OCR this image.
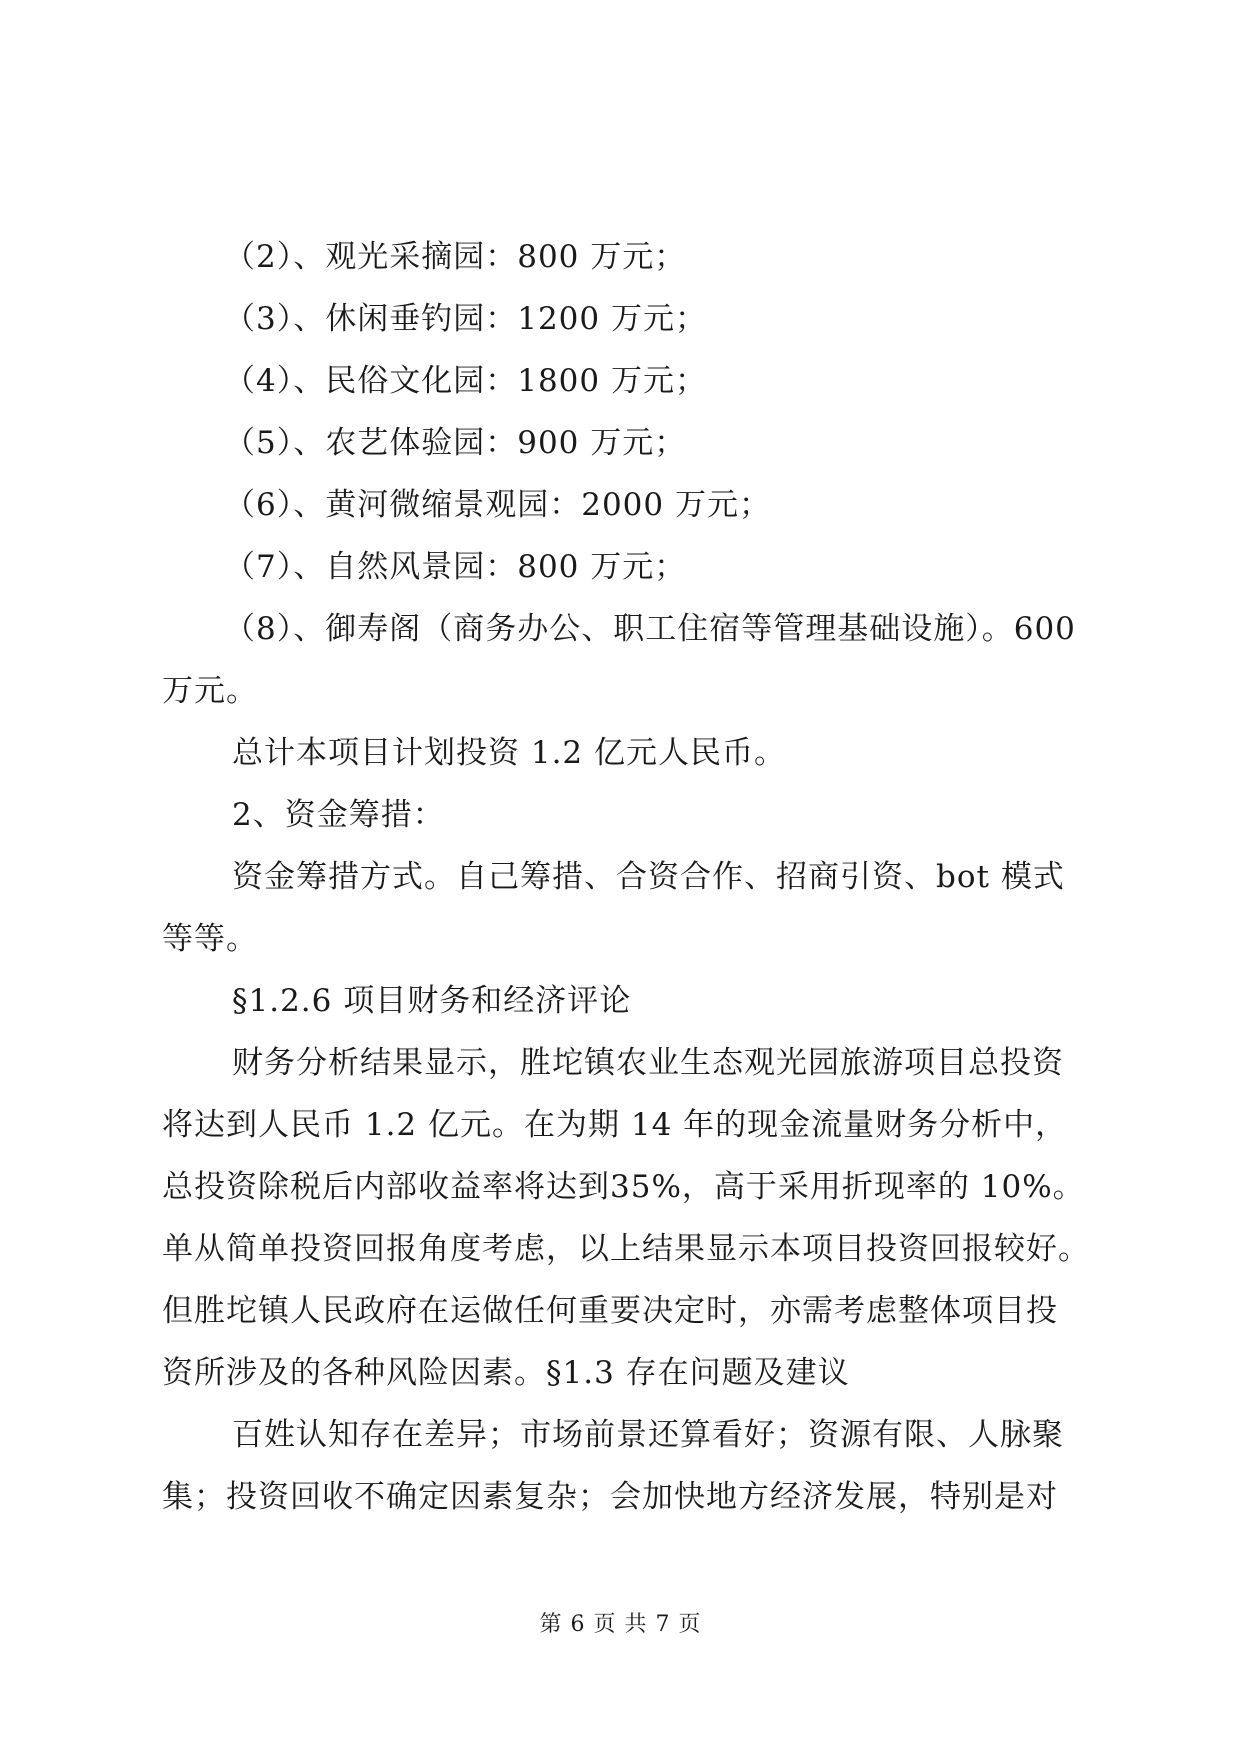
（2）、观光采摘园：800 万元；
（3）、休闲垂钓园：1200 万元；
（4）、民俗文化园：1800 万元；
（5）、农艺体验园：900 万元；
（6）、黄河微缩景观园：2000 万元；
（7）、自然风景园：800 万元；
（8）、御寿阁（商务办公、职工住宿等管理基础设施）。600
万元。
总计本项目计划投资 1.2 亿元人民币。
2、资金筹措：
资金筹措方式。自己筹措、合资合作、招商引资、bot 模式
等等。
§1.2.6 项目财务和经济评论
财务分析结果显示，胜坨镇农业生态观光园旅游项目总投资
将达到人民币 1.2 亿元。在为期 14 年的现金流量财务分析中，
总投资除税后内部收益率将达到35%，高于采用折现率的 10%。
单从简单投资回报角度考虑，以上结果显示本项目投资回报较好。
但胜坨镇人民政府在运做任何重要决定时，亦需考虑整体项目投
资所涉及的各种风险因素。§1.3 存在问题及建议
百姓认知存在差异；市场前景还算看好；资源有限、人脉聚
集；投资回收不确定因素复杂；会加快地方经济发展，特别是对
第 6 页 共 7 页
